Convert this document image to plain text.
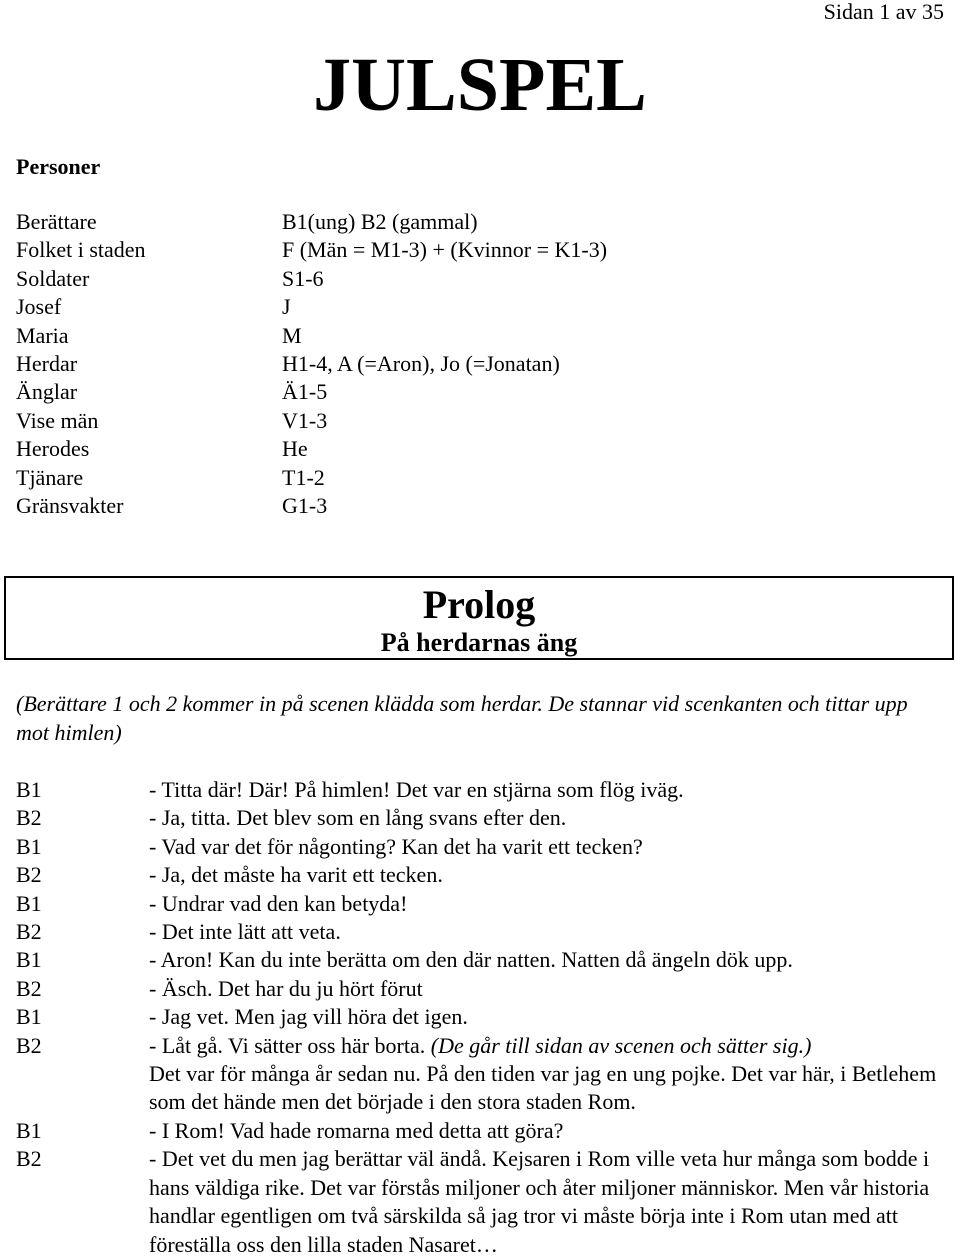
Sidan 1 av 35
JULSPEL
Personer
Berättare	B1(ung) B2 (gammal)
Folket i staden	F (Män = M1-3) + (Kvinnor = K1-3)
Soldater	S1-6
Josef	J
Maria	M
Herdar	H1-4, A (=Aron), Jo (=Jonatan)
Änglar	Ä1-5
Vise män	V1-3
Herodes	He
Tjänare	T1-2
Gränsvakter	G1-3
Prolog
På herdarnas äng
(Berättare 1 och 2 kommer in på scenen klädda som herdar. De stannar vid scenkanten och tittar upp mot himlen)
B1	- Titta där! Där! På himlen! Det var en stjärna som flög iväg.
B2	- Ja, titta. Det blev som en lång svans efter den.
B1	- Vad var det för någonting? Kan det ha varit ett tecken?
B2	- Ja, det måste ha varit ett tecken.
B1	- Undrar vad den kan betyda!
B2	- Det inte lätt att veta.
B1	- Aron! Kan du inte berätta om den där natten. Natten då ängeln dök upp.
B2	- Äsch. Det har du ju hört förut
B1	- Jag vet. Men jag vill höra det igen.
B2	- Låt gå. Vi sätter oss här borta. (De går till sidan av scenen och sätter sig.)
Det var för många år sedan nu. På den tiden var jag en ung pojke. Det var här, i Betlehem som det hände men det började i den stora staden Rom.
B1	- I Rom! Vad hade romarna med detta att göra?
B2	- Det vet du men jag berättar väl ändå. Kejsaren i Rom ville veta hur många som bodde i hans väldiga rike. Det var förstås miljoner och åter miljoner människor. Men vår historia handlar egentligen om två särskilda så jag tror vi måste börja inte i Rom utan med att föreställa oss den lilla staden Nasaret…
